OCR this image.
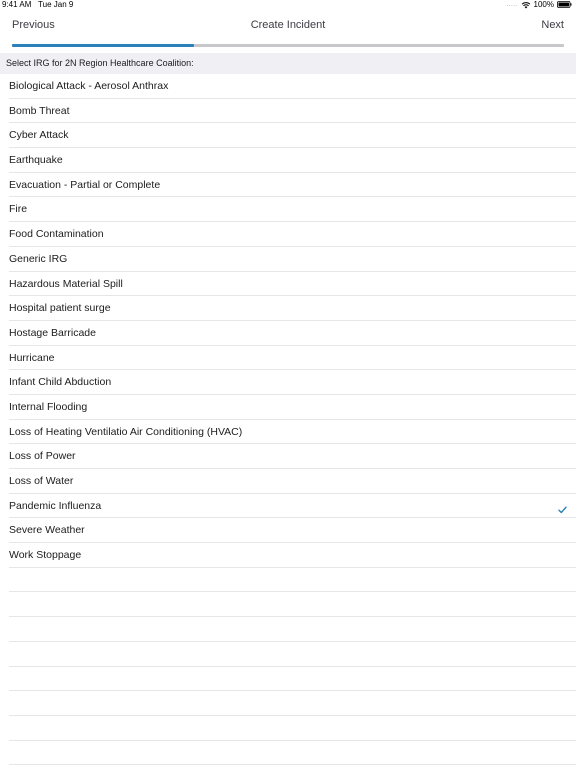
9:41 AM Tue Jan 9	..... 100%
Previous	Create Incident	Next
Select IRG for 2N Region Healthcare Coalition:
Biological Attack - Aerosol Anthrax
Bomb Threat
Cyber Attack
Earthquake
Evacuation - Partial or Complete
Fire
Food Contamination
Generic IRG
Hazardous Material Spill
Hospital patient surge
Hostage Barricade
Hurricane
Infant Child Abduction
Internal Flooding
Loss of Heating Ventilatio Air Conditioning (HVAC)
Loss of Power
Loss of Water
Pandemic Influenza
Severe Weather
Work Stoppage
